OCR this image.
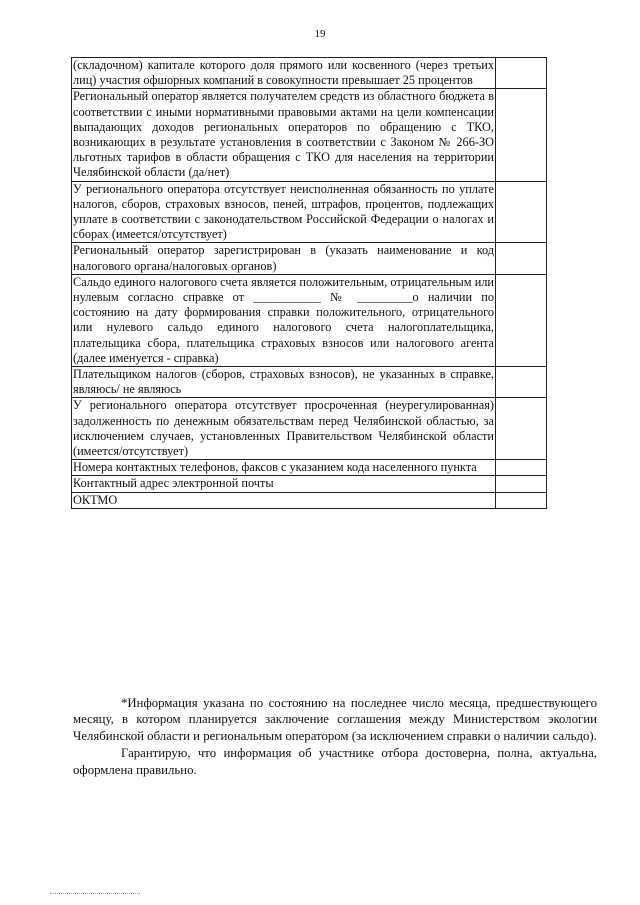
19
(складочном) капитале которого доля прямого или косвенного (через третьих лиц) участия офшорных компаний в совокупности превышает 25 процентов	
Региональный оператор является получателем средств из областного бюджета в соответствии с иными нормативными правовыми актами на цели компенсации выпадающих доходов региональных операторов по обращению с ТКО, возникающих в результате установления в соответствии с Законом № 266-ЗО льготных тарифов в области обращения с ТКО для населения на территории Челябинской области (да/нет)	
У регионального оператора отсутствует неисполненная обязанность по уплате налогов, сборов, страховых взносов, пеней, штрафов, процентов, подлежащих уплате в соответствии с законодательством Российской Федерации о налогах и сборах (имеется/отсутствует)	
Региональный оператор зарегистрирован в (указать наименование и код налогового органа/налоговых органов)	
Сальдо единого налогового счета является положительным, отрицательным или нулевым согласно справке от ___________ № _________о наличии по состоянию на дату формирования справки положительного, отрицательного или нулевого сальдо единого налогового счета налогоплательщика, плательщика сбора, плательщика страховых взносов или налогового агента (далее именуется - справка)	
Плательщиком налогов (сборов, страховых взносов), не указанных в справке, являюсь/ не являюсь	
У регионального оператора отсутствует просроченная (неурегулированная) задолженность по денежным обязательствам перед Челябинской областью, за исключением случаев, установленных Правительством Челябинской области (имеется/отсутствует)	
Номера контактных телефонов, факсов с указанием кода населенного пункта	
Контактный адрес электронной почты	
ОКТМО	

*Информация указана по состоянию на последнее число месяца, предшествующего месяцу, в котором планируется заключение соглашения между Министерством экологии Челябинской области и региональным оператором (за исключением справки о наличии сальдо).

Гарантирую, что информация об участнике отбора достоверна, полна, актуальна, оформлена правильно.
